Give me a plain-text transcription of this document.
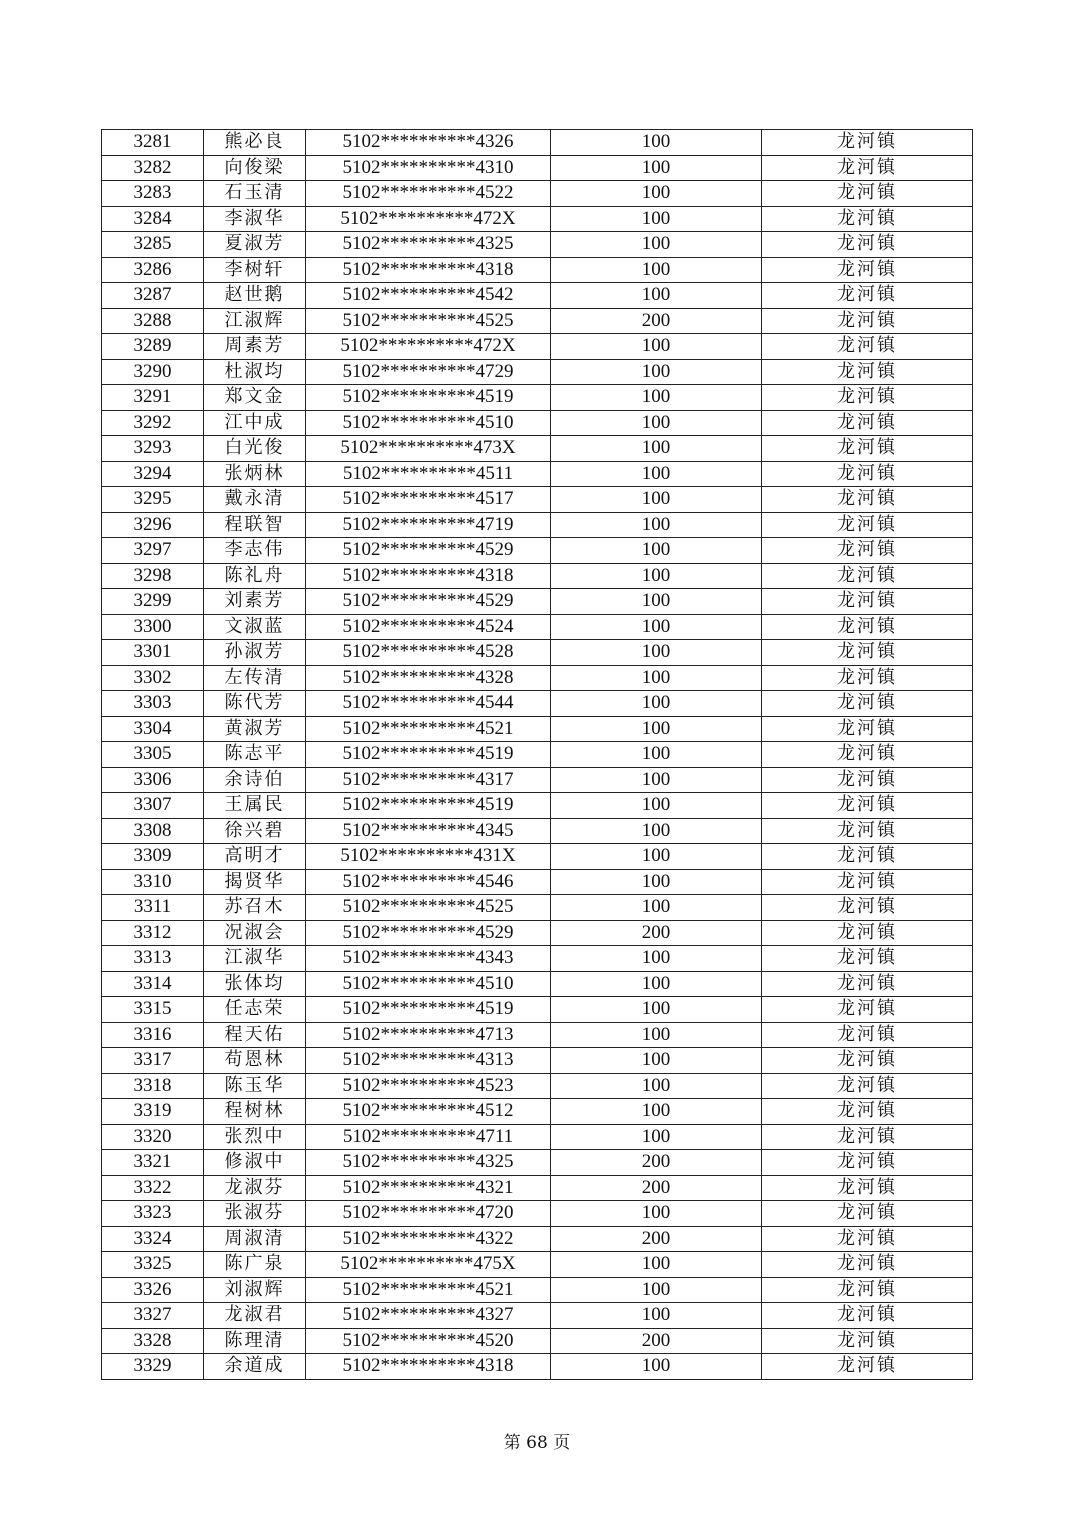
3281	熊必良	5102**********4326	100	龙河镇
3282	向俊梁	5102**********4310	100	龙河镇
3283	石玉清	5102**********4522	100	龙河镇
3284	李淑华	5102**********472X	100	龙河镇
3285	夏淑芳	5102**********4325	100	龙河镇
3286	李树轩	5102**********4318	100	龙河镇
3287	赵世鹅	5102**********4542	100	龙河镇
3288	江淑辉	5102**********4525	200	龙河镇
3289	周素芳	5102**********472X	100	龙河镇
3290	杜淑均	5102**********4729	100	龙河镇
3291	郑文金	5102**********4519	100	龙河镇
3292	江中成	5102**********4510	100	龙河镇
3293	白光俊	5102**********473X	100	龙河镇
3294	张炳林	5102**********4511	100	龙河镇
3295	戴永清	5102**********4517	100	龙河镇
3296	程联智	5102**********4719	100	龙河镇
3297	李志伟	5102**********4529	100	龙河镇
3298	陈礼舟	5102**********4318	100	龙河镇
3299	刘素芳	5102**********4529	100	龙河镇
3300	文淑蓝	5102**********4524	100	龙河镇
3301	孙淑芳	5102**********4528	100	龙河镇
3302	左传清	5102**********4328	100	龙河镇
3303	陈代芳	5102**********4544	100	龙河镇
3304	黄淑芳	5102**********4521	100	龙河镇
3305	陈志平	5102**********4519	100	龙河镇
3306	余诗伯	5102**********4317	100	龙河镇
3307	王属民	5102**********4519	100	龙河镇
3308	徐兴碧	5102**********4345	100	龙河镇
3309	高明才	5102**********431X	100	龙河镇
3310	揭贤华	5102**********4546	100	龙河镇
3311	苏召木	5102**********4525	100	龙河镇
3312	况淑会	5102**********4529	200	龙河镇
3313	江淑华	5102**********4343	100	龙河镇
3314	张体均	5102**********4510	100	龙河镇
3315	任志荣	5102**********4519	100	龙河镇
3316	程天佑	5102**********4713	100	龙河镇
3317	苟恩林	5102**********4313	100	龙河镇
3318	陈玉华	5102**********4523	100	龙河镇
3319	程树林	5102**********4512	100	龙河镇
3320	张烈中	5102**********4711	100	龙河镇
3321	修淑中	5102**********4325	200	龙河镇
3322	龙淑芬	5102**********4321	200	龙河镇
3323	张淑芬	5102**********4720	100	龙河镇
3324	周淑清	5102**********4322	200	龙河镇
3325	陈广泉	5102**********475X	100	龙河镇
3326	刘淑辉	5102**********4521	100	龙河镇
3327	龙淑君	5102**********4327	100	龙河镇
3328	陈理清	5102**********4520	200	龙河镇
3329	余道成	5102**********4318	100	龙河镇
第 68 页
